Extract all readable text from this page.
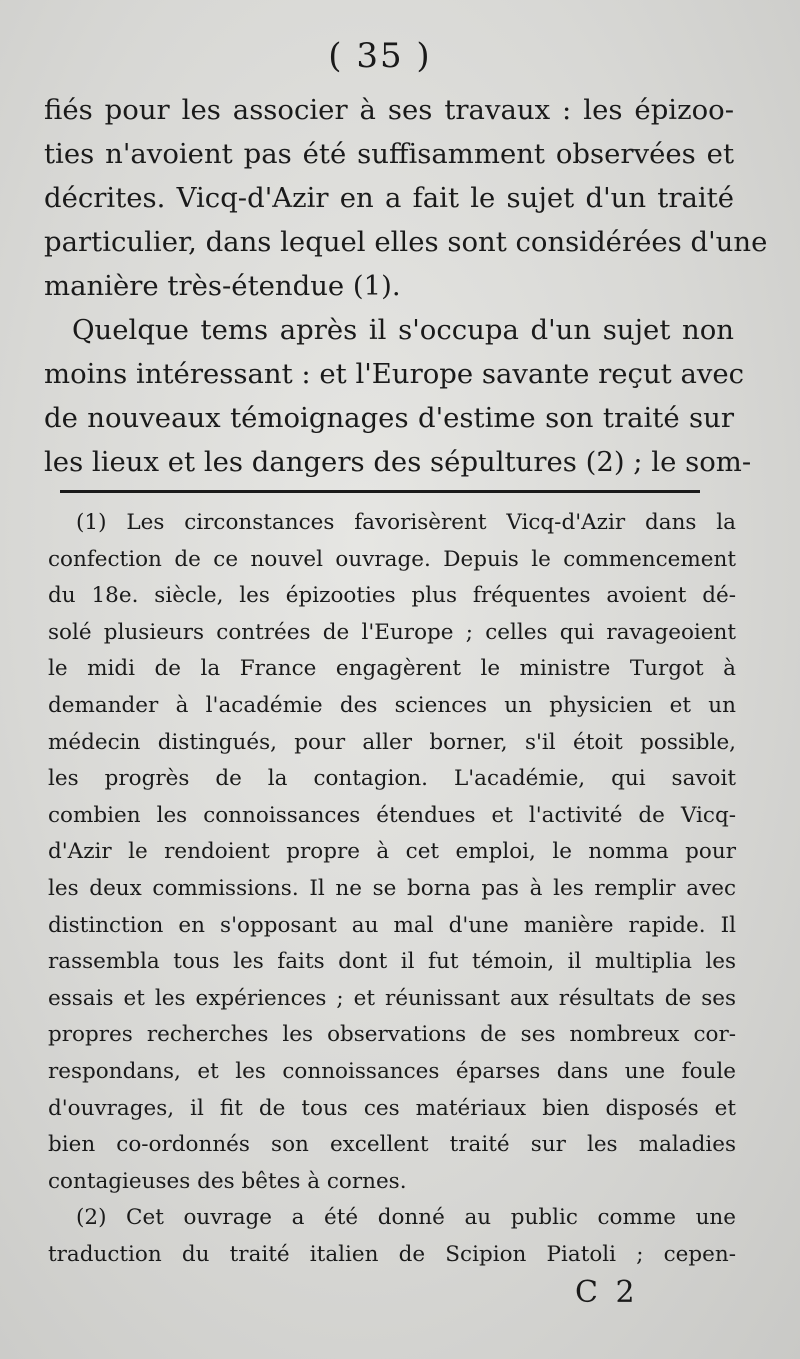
( 35 )
fiés pour les associer à ses travaux : les épizoo-
ties n'avoient pas été suffisamment observées et
décrites. Vicq-d'Azir en a fait le sujet d'un traité
particulier, dans lequel elles sont considérées d'une
manière très-étendue (1).
Quelque tems après il s'occupa d'un sujet non
moins intéressant : et l'Europe savante reçut avec
de nouveaux témoignages d'estime son traité sur
les lieux et les dangers des sépultures (2) ; le som-
(1) Les circonstances favorisèrent Vicq-d'Azir dans la
confection de ce nouvel ouvrage. Depuis le commencement
du 18e. siècle, les épizooties plus fréquentes avoient dé-
solé plusieurs contrées de l'Europe ; celles qui ravageoient
le midi de la France engagèrent le ministre Turgot à
demander à l'académie des sciences un physicien et un
médecin distingués, pour aller borner, s'il étoit possible,
les progrès de la contagion. L'académie, qui savoit
combien les connoissances étendues et l'activité de Vicq-
d'Azir le rendoient propre à cet emploi, le nomma pour
les deux commissions. Il ne se borna pas à les remplir avec
distinction en s'opposant au mal d'une manière rapide. Il
rassembla tous les faits dont il fut témoin, il multiplia les
essais et les expériences ; et réunissant aux résultats de ses
propres recherches les observations de ses nombreux cor-
respondans, et les connoissances éparses dans une foule
d'ouvrages, il fit de tous ces matériaux bien disposés et
bien co-ordonnés son excellent traité sur les maladies
contagieuses des bêtes à cornes.
(2) Cet ouvrage a été donné au public comme une
traduction du traité italien de Scipion Piatoli ; cepen-
C 2
